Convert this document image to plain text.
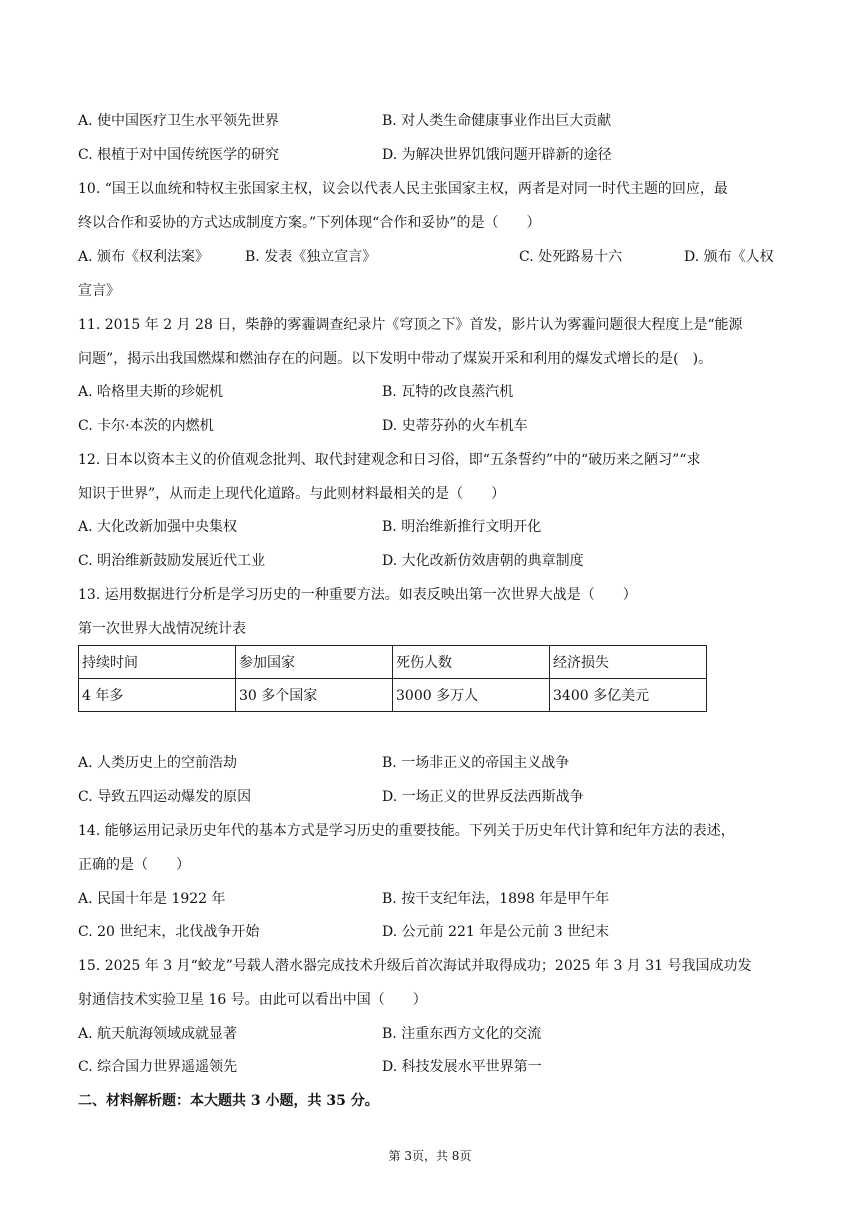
A. 使中国医疗卫生水平领先世界	B. 对人类生命健康事业作出巨大贡献
C. 根植于对中国传统医学的研究	D. 为解决世界饥饿问题开辟新的途径
10. “国王以血统和特权主张国家主权，议会以代表人民主张国家主权，两者是对同一时代主题的回应，最
终以合作和妥协的方式达成制度方案。”下列体现“合作和妥协”的是（　　）
A. 颁布《权利法案》	B. 发表《独立宣言》	C. 处死路易十六	D. 颁布《人权
宣言》
11. 2015 年 2 月 28 日，柴静的雾霾调查纪录片《穹顶之下》首发，影片认为雾霾问题很大程度上是“能源
问题”，揭示出我国燃煤和燃油存在的问题。以下发明中带动了煤炭开采和利用的爆发式增长的是(　)。
A. 哈格里夫斯的珍妮机	B. 瓦特的改良蒸汽机
C. 卡尔·本茨的内燃机	D. 史蒂芬孙的火车机车
12. 日本以资本主义的价值观念批判、取代封建观念和日习俗，即“五条誓约”中的“破历来之陋习”“求
知识于世界”，从而走上现代化道路。与此则材料最相关的是（　　）
A. 大化改新加强中央集权	B. 明治维新推行文明开化
C. 明治维新鼓励发展近代工业	D. 大化改新仿效唐朝的典章制度
13. 运用数据进行分析是学习历史的一种重要方法。如表反映出第一次世界大战是（　　）
第一次世界大战情况统计表
持续时间	参加国家	死伤人数	经济损失
4 年多	30 多个国家	3000 多万人	3400 多亿美元
A. 人类历史上的空前浩劫	B. 一场非正义的帝国主义战争
C. 导致五四运动爆发的原因	D. 一场正义的世界反法西斯战争
14. 能够运用记录历史年代的基本方式是学习历史的重要技能。下列关于历史年代计算和纪年方法的表述，
正确的是（　　）
A. 民国十年是 1922 年	B. 按干支纪年法，1898 年是甲午年
C. 20 世纪末，北伐战争开始	D. 公元前 221 年是公元前 3 世纪末
15. 2025 年 3 月“蛟龙”号载人潜水器完成技术升级后首次海试并取得成功；2025 年 3 月 31 号我国成功发
射通信技术实验卫星 16 号。由此可以看出中国（　　）
A. 航天航海领域成就显著	B. 注重东西方文化的交流
C. 综合国力世界遥遥领先	D. 科技发展水平世界第一
二、材料解析题：本大题共 3 小题，共 35 分。
第 3页，共 8页
